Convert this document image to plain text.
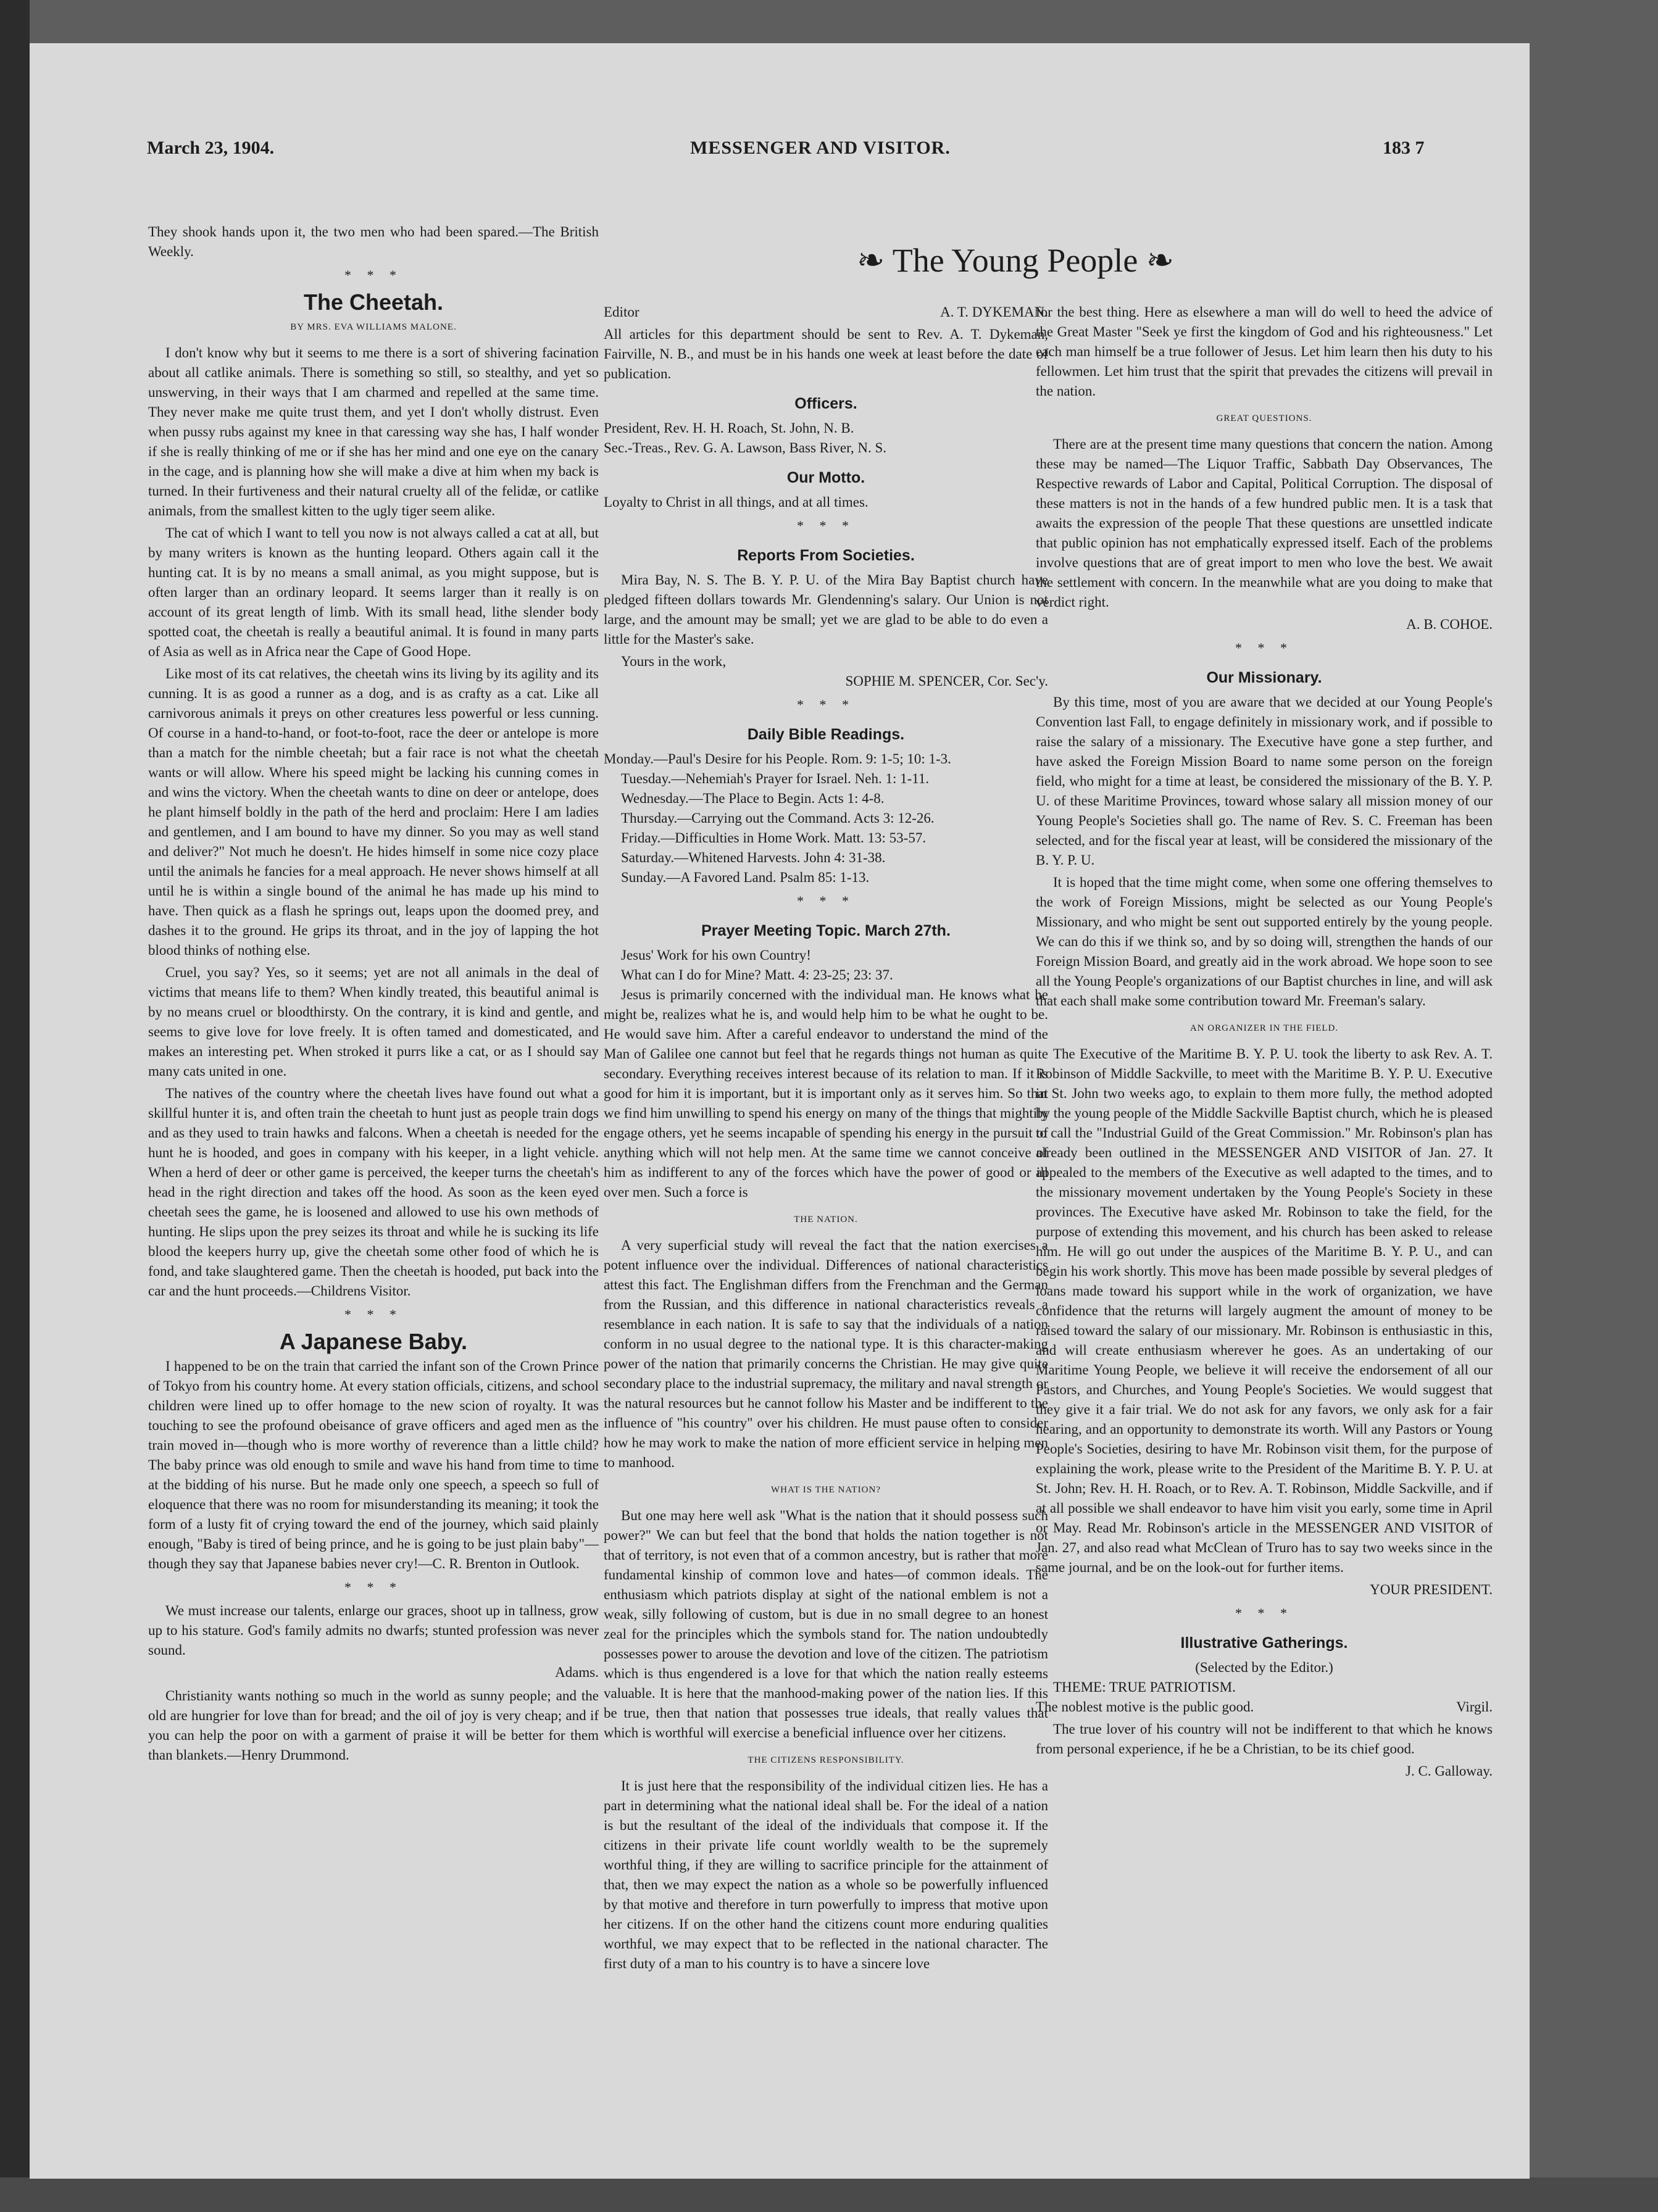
March 23, 1904.	MESSENGER AND VISITOR.	183 7
❧ The Young People ❧

They shook hands upon it, the two men who had been spared.—The British Weekly.

* * *
The Cheetah.
BY MRS. EVA WILLIAMS MALONE.

I don't know why but it seems to me there is a sort of shivering facination about all catlike animals. There is something so still, so stealthy, and yet so unswerving, in their ways that I am charmed and repelled at the same time. They never make me quite trust them, and yet I don't wholly distrust. Even when pussy rubs against my knee in that caressing way she has, I half wonder if she is really thinking of me or if she has her mind and one eye on the canary in the cage, and is planning how she will make a dive at him when my back is turned. In their furtiveness and their natural cruelty all of the felidæ, or catlike animals, from the smallest kitten to the ugly tiger seem alike.

The cat of which I want to tell you now is not always called a cat at all, but by many writers is known as the hunting leopard. Others again call it the hunting cat. It is by no means a small animal, as you might suppose, but is often larger than an ordinary leopard. It seems larger than it really is on account of its great length of limb. With its small head, lithe slender body spotted coat, the cheetah is really a beautiful animal. It is found in many parts of Asia as well as in Africa near the Cape of Good Hope.

Like most of its cat relatives, the cheetah wins its living by its agility and its cunning. It is as good a runner as a dog, and is as crafty as a cat. Like all carnivorous animals it preys on other creatures less powerful or less cunning. Of course in a hand-to-hand, or foot-to-foot, race the deer or antelope is more than a match for the nimble cheetah; but a fair race is not what the cheetah wants or will allow. Where his speed might be lacking his cunning comes in and wins the victory. When the cheetah wants to dine on deer or antelope, does he plant himself boldly in the path of the herd and proclaim: Here I am ladies and gentlemen, and I am bound to have my dinner. So you may as well stand and deliver?" Not much he doesn't. He hides himself in some nice cozy place until the animals he fancies for a meal approach. He never shows himself at all until he is within a single bound of the animal he has made up his mind to have. Then quick as a flash he springs out, leaps upon the doomed prey, and dashes it to the ground. He grips its throat, and in the joy of lapping the hot blood thinks of nothing else.

Cruel, you say? Yes, so it seems; yet are not all animals in the deal of victims that means life to them? When kindly treated, this beautiful animal is by no means cruel or bloodthirsty. On the contrary, it is kind and gentle, and seems to give love for love freely. It is often tamed and domesticated, and makes an interesting pet. When stroked it purrs like a cat, or as I should say many cats united in one.

The natives of the country where the cheetah lives have found out what a skillful hunter it is, and often train the cheetah to hunt just as people train dogs and as they used to train hawks and falcons. When a cheetah is needed for the hunt he is hooded, and goes in company with his keeper, in a light vehicle. When a herd of deer or other game is perceived, the keeper turns the cheetah's head in the right direction and takes off the hood. As soon as the keen eyed cheetah sees the game, he is loosened and allowed to use his own methods of hunting. He slips upon the prey seizes its throat and while he is sucking its life blood the keepers hurry up, give the cheetah some other food of which he is fond, and take slaughtered game. Then the cheetah is hooded, put back into the car and the hunt proceeds.—Childrens Visitor.

* * *
A Japanese Baby.

I happened to be on the train that carried the infant son of the Crown Prince of Tokyo from his country home. At every station officials, citizens, and school children were lined up to offer homage to the new scion of royalty. It was touching to see the profound obeisance of grave officers and aged men as the train moved in—though who is more worthy of reverence than a little child? The baby prince was old enough to smile and wave his hand from time to time at the bidding of his nurse. But he made only one speech, a speech so full of eloquence that there was no room for misunderstanding its meaning; it took the form of a lusty fit of crying toward the end of the journey, which said plainly enough, "Baby is tired of being prince, and he is going to be just plain baby"—though they say that Japanese babies never cry!—C. R. Brenton in Outlook.

* * *

We must increase our talents, enlarge our graces, shoot up in tallness, grow up to his stature. God's family admits no dwarfs; stunted profession was never sound.

Adams.

Christianity wants nothing so much in the world as sunny people; and the old are hungrier for love than for bread; and the oil of joy is very cheap; and if you can help the poor on with a garment of praise it will be better for them than blankets.—Henry Drummond.

Editor	A. T. DYKEMAN.

All articles for this department should be sent to Rev. A. T. Dykeman, Fairville, N. B., and must be in his hands one week at least before the date of publication.

Officers.

President, Rev. H. H. Roach, St. John, N. B.

Sec.-Treas., Rev. G. A. Lawson, Bass River, N. S.

Our Motto.

Loyalty to Christ in all things, and at all times.

* * *
Reports From Societies.

Mira Bay, N. S. The B. Y. P. U. of the Mira Bay Baptist church have pledged fifteen dollars towards Mr. Glendenning's salary. Our Union is not large, and the amount may be small; yet we are glad to be able to do even a little for the Master's sake.

Yours in the work,

SOPHIE M. SPENCER, Cor. Sec'y.

* * *
Daily Bible Readings.

Monday.—Paul's Desire for his People. Rom. 9: 1-5; 10: 1-3.

Tuesday.—Nehemiah's Prayer for Israel. Neh. 1: 1-11.

Wednesday.—The Place to Begin. Acts 1: 4-8.

Thursday.—Carrying out the Command. Acts 3: 12-26.

Friday.—Difficulties in Home Work. Matt. 13: 53-57.

Saturday.—Whitened Harvests. John 4: 31-38.

Sunday.—A Favored Land. Psalm 85: 1-13.

* * *
Prayer Meeting Topic. March 27th.

Jesus' Work for his own Country!

What can I do for Mine? Matt. 4: 23-25; 23: 37.

Jesus is primarily concerned with the individual man. He knows what he might be, realizes what he is, and would help him to be what he ought to be. He would save him. After a careful endeavor to understand the mind of the Man of Galilee one cannot but feel that he regards things not human as quite secondary. Everything receives interest because of its relation to man. If it is good for him it is important, but it is important only as it serves him. So that we find him unwilling to spend his energy on many of the things that mightily engage others, yet he seems incapable of spending his energy in the pursuit of anything which will not help men. At the same time we cannot conceive of him as indifferent to any of the forces which have the power of good or ill over men. Such a force is

THE NATION.

A very superficial study will reveal the fact that the nation exercises a potent influence over the individual. Differences of national characteristics attest this fact. The Englishman differs from the Frenchman and the German from the Russian, and this difference in national characteristics reveals a resemblance in each nation. It is safe to say that the individuals of a nation conform in no usual degree to the national type. It is this character-making power of the nation that primarily concerns the Christian. He may give quite secondary place to the industrial supremacy, the military and naval strength or the natural resources but he cannot follow his Master and be indifferent to the influence of "his country" over his children. He must pause often to consider how he may work to make the nation of more efficient service in helping men to manhood.

WHAT IS THE NATION?

But one may here well ask "What is the nation that it should possess such power?" We can but feel that the bond that holds the nation together is not that of territory, is not even that of a common ancestry, but is rather that more fundamental kinship of common love and hates—of common ideals. The enthusiasm which patriots display at sight of the national emblem is not a weak, silly following of custom, but is due in no small degree to an honest zeal for the principles which the symbols stand for. The nation undoubtedly possesses power to arouse the devotion and love of the citizen. The patriotism which is thus engendered is a love for that which the nation really esteems valuable. It is here that the manhood-making power of the nation lies. If this be true, then that nation that possesses true ideals, that really values that which is worthful will exercise a beneficial influence over her citizens.

THE CITIZENS RESPONSIBILITY.

It is just here that the responsibility of the individual citizen lies. He has a part in determining what the national ideal shall be. For the ideal of a nation is but the resultant of the ideal of the individuals that compose it. If the citizens in their private life count worldly wealth to be the supremely worthful thing, if they are willing to sacrifice principle for the attainment of that, then we may expect the nation as a whole so be powerfully influenced by that motive and therefore in turn powerfully to impress that motive upon her citizens. If on the other hand the citizens count more enduring qualities worthful, we may expect that to be reflected in the national character. The first duty of a man to his country is to have a sincere love

for the best thing. Here as elsewhere a man will do well to heed the advice of the Great Master "Seek ye first the kingdom of God and his righteousness." Let each man himself be a true follower of Jesus. Let him learn then his duty to his fellowmen. Let him trust that the spirit that prevades the citizens will prevail in the nation.

GREAT QUESTIONS.

There are at the present time many questions that concern the nation. Among these may be named—The Liquor Traffic, Sabbath Day Observances, The Respective rewards of Labor and Capital, Political Corruption. The disposal of these matters is not in the hands of a few hundred public men. It is a task that awaits the expression of the people That these questions are unsettled indicate that public opinion has not emphatically expressed itself. Each of the problems involve questions that are of great import to men who love the best. We await the settlement with concern. In the meanwhile what are you doing to make that verdict right.

A. B. COHOE.

* * *
Our Missionary.

By this time, most of you are aware that we decided at our Young People's Convention last Fall, to engage definitely in missionary work, and if possible to raise the salary of a missionary. The Executive have gone a step further, and have asked the Foreign Mission Board to name some person on the foreign field, who might for a time at least, be considered the missionary of the B. Y. P. U. of these Maritime Provinces, toward whose salary all mission money of our Young People's Societies shall go. The name of Rev. S. C. Freeman has been selected, and for the fiscal year at least, will be considered the missionary of the B. Y. P. U.

It is hoped that the time might come, when some one offering themselves to the work of Foreign Missions, might be selected as our Young People's Missionary, and who might be sent out supported entirely by the young people. We can do this if we think so, and by so doing will, strengthen the hands of our Foreign Mission Board, and greatly aid in the work abroad. We hope soon to see all the Young People's organizations of our Baptist churches in line, and will ask that each shall make some contribution toward Mr. Freeman's salary.

AN ORGANIZER IN THE FIELD.

The Executive of the Maritime B. Y. P. U. took the liberty to ask Rev. A. T. Robinson of Middle Sackville, to meet with the Maritime B. Y. P. U. Executive in St. John two weeks ago, to explain to them more fully, the method adopted by the young people of the Middle Sackville Baptist church, which he is pleased to call the "Industrial Guild of the Great Commission." Mr. Robinson's plan has already been outlined in the MESSENGER AND VISITOR of Jan. 27. It appealed to the members of the Executive as well adapted to the times, and to the missionary movement undertaken by the Young People's Society in these provinces. The Executive have asked Mr. Robinson to take the field, for the purpose of extending this movement, and his church has been asked to release him. He will go out under the auspices of the Maritime B. Y. P. U., and can begin his work shortly. This move has been made possible by several pledges of loans made toward his support while in the work of organization, we have confidence that the returns will largely augment the amount of money to be raised toward the salary of our missionary. Mr. Robinson is enthusiastic in this, and will create enthusiasm wherever he goes. As an undertaking of our Maritime Young People, we believe it will receive the endorsement of all our Pastors, and Churches, and Young People's Societies. We would suggest that they give it a fair trial. We do not ask for any favors, we only ask for a fair hearing, and an opportunity to demonstrate its worth. Will any Pastors or Young People's Societies, desiring to have Mr. Robinson visit them, for the purpose of explaining the work, please write to the President of the Maritime B. Y. P. U. at St. John; Rev. H. H. Roach, or to Rev. A. T. Robinson, Middle Sackville, and if at all possible we shall endeavor to have him visit you early, some time in April or May. Read Mr. Robinson's article in the MESSENGER AND VISITOR of Jan. 27, and also read what McClean of Truro has to say two weeks since in the same journal, and be on the look-out for further items.

YOUR PRESIDENT.

* * *
Illustrative Gatherings.

(Selected by the Editor.)

THEME: TRUE PATRIOTISM.

The noblest motive is the public good.	Virgil.

The true lover of his country will not be indifferent to that which he knows from personal experience, if he be a Christian, to be its chief good.

J. C. Galloway.
